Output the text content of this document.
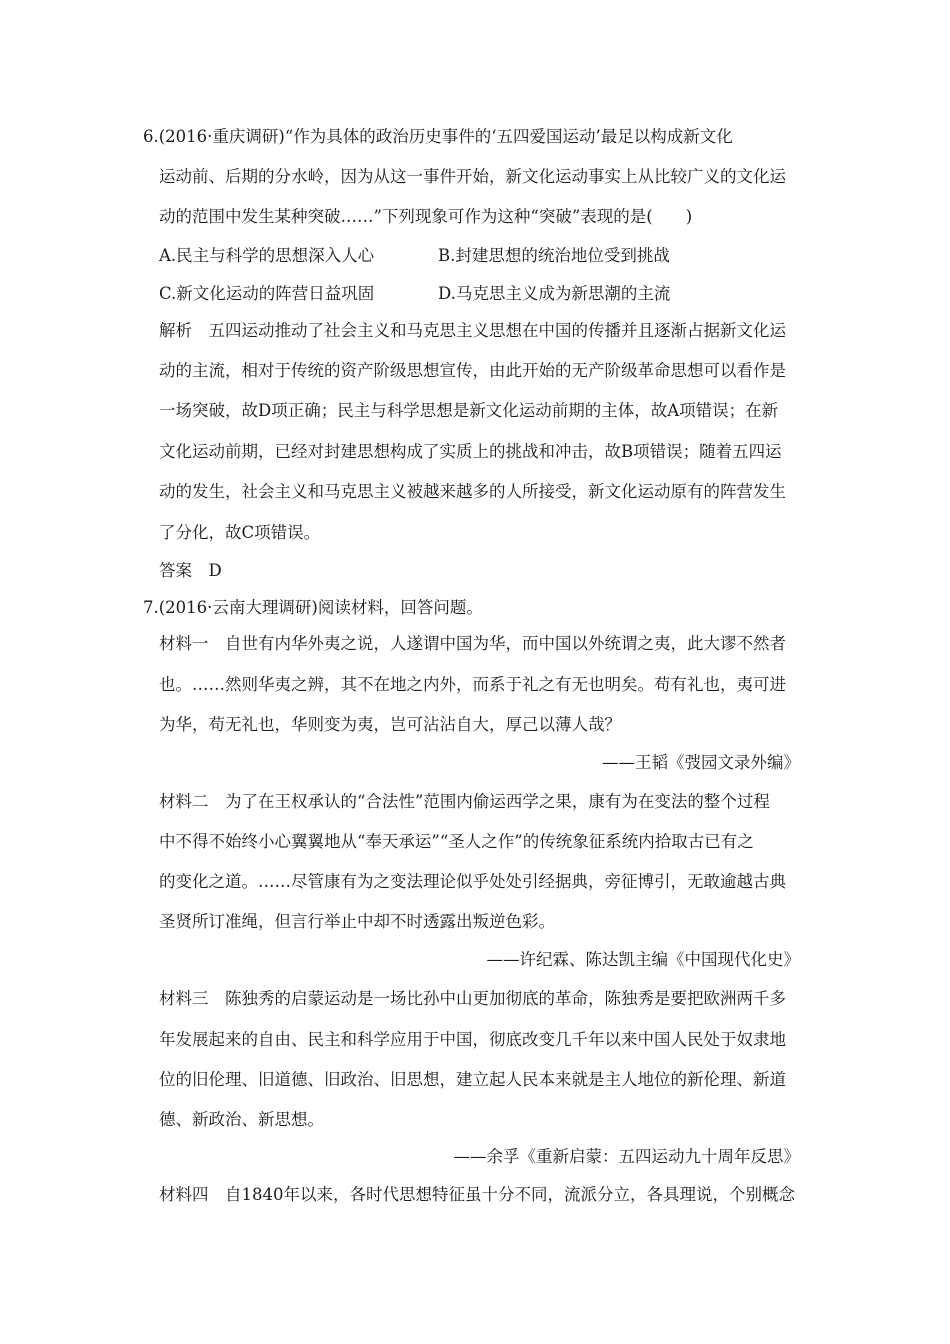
6.(2016·重庆调研)“作为具体的政治历史事件的‘五四爱国运动’最足以构成新文化
运动前、后期的分水岭，因为从这一事件开始，新文化运动事实上从比较广义的文化运
动的范围中发生某种突破……”下列现象可作为这种“突破”表现的是(　　)
A.民主与科学的思想深入人心	B.封建思想的统治地位受到挑战
C.新文化运动的阵营日益巩固	D.马克思主义成为新思潮的主流
解析　五四运动推动了社会主义和马克思主义思想在中国的传播并且逐渐占据新文化运
动的主流，相对于传统的资产阶级思想宣传，由此开始的无产阶级革命思想可以看作是
一场突破，故D项正确；民主与科学思想是新文化运动前期的主体，故A项错误；在新
文化运动前期，已经对封建思想构成了实质上的挑战和冲击，故B项错误；随着五四运
动的发生，社会主义和马克思主义被越来越多的人所接受，新文化运动原有的阵营发生
了分化，故C项错误。
答案　D
7.(2016·云南大理调研)阅读材料，回答问题。
材料一　自世有内华外夷之说，人遂谓中国为华，而中国以外统谓之夷，此大谬不然者
也。……然则华夷之辨，其不在地之内外，而系于礼之有无也明矣。苟有礼也，夷可进
为华，苟无礼也，华则变为夷，岂可沾沾自大，厚己以薄人哉？
——王韬《弢园文录外编》
材料二　为了在王权承认的“合法性”范围内偷运西学之果，康有为在变法的整个过程
中不得不始终小心翼翼地从“奉天承运”“圣人之作”的传统象征系统内拾取古已有之
的变化之道。……尽管康有为之变法理论似乎处处引经据典，旁征博引，无敢逾越古典
圣贤所订准绳，但言行举止中却不时透露出叛逆色彩。
——许纪霖、陈达凯主编《中国现代化史》
材料三　陈独秀的启蒙运动是一场比孙中山更加彻底的革命，陈独秀是要把欧洲两千多
年发展起来的自由、民主和科学应用于中国，彻底改变几千年以来中国人民处于奴隶地
位的旧伦理、旧道德、旧政治、旧思想，建立起人民本来就是主人地位的新伦理、新道
德、新政治、新思想。
——余孚《重新启蒙：五四运动九十周年反思》
材料四　自1840年以来，各时代思想特征虽十分不同，流派分立，各具理说，个别概念
